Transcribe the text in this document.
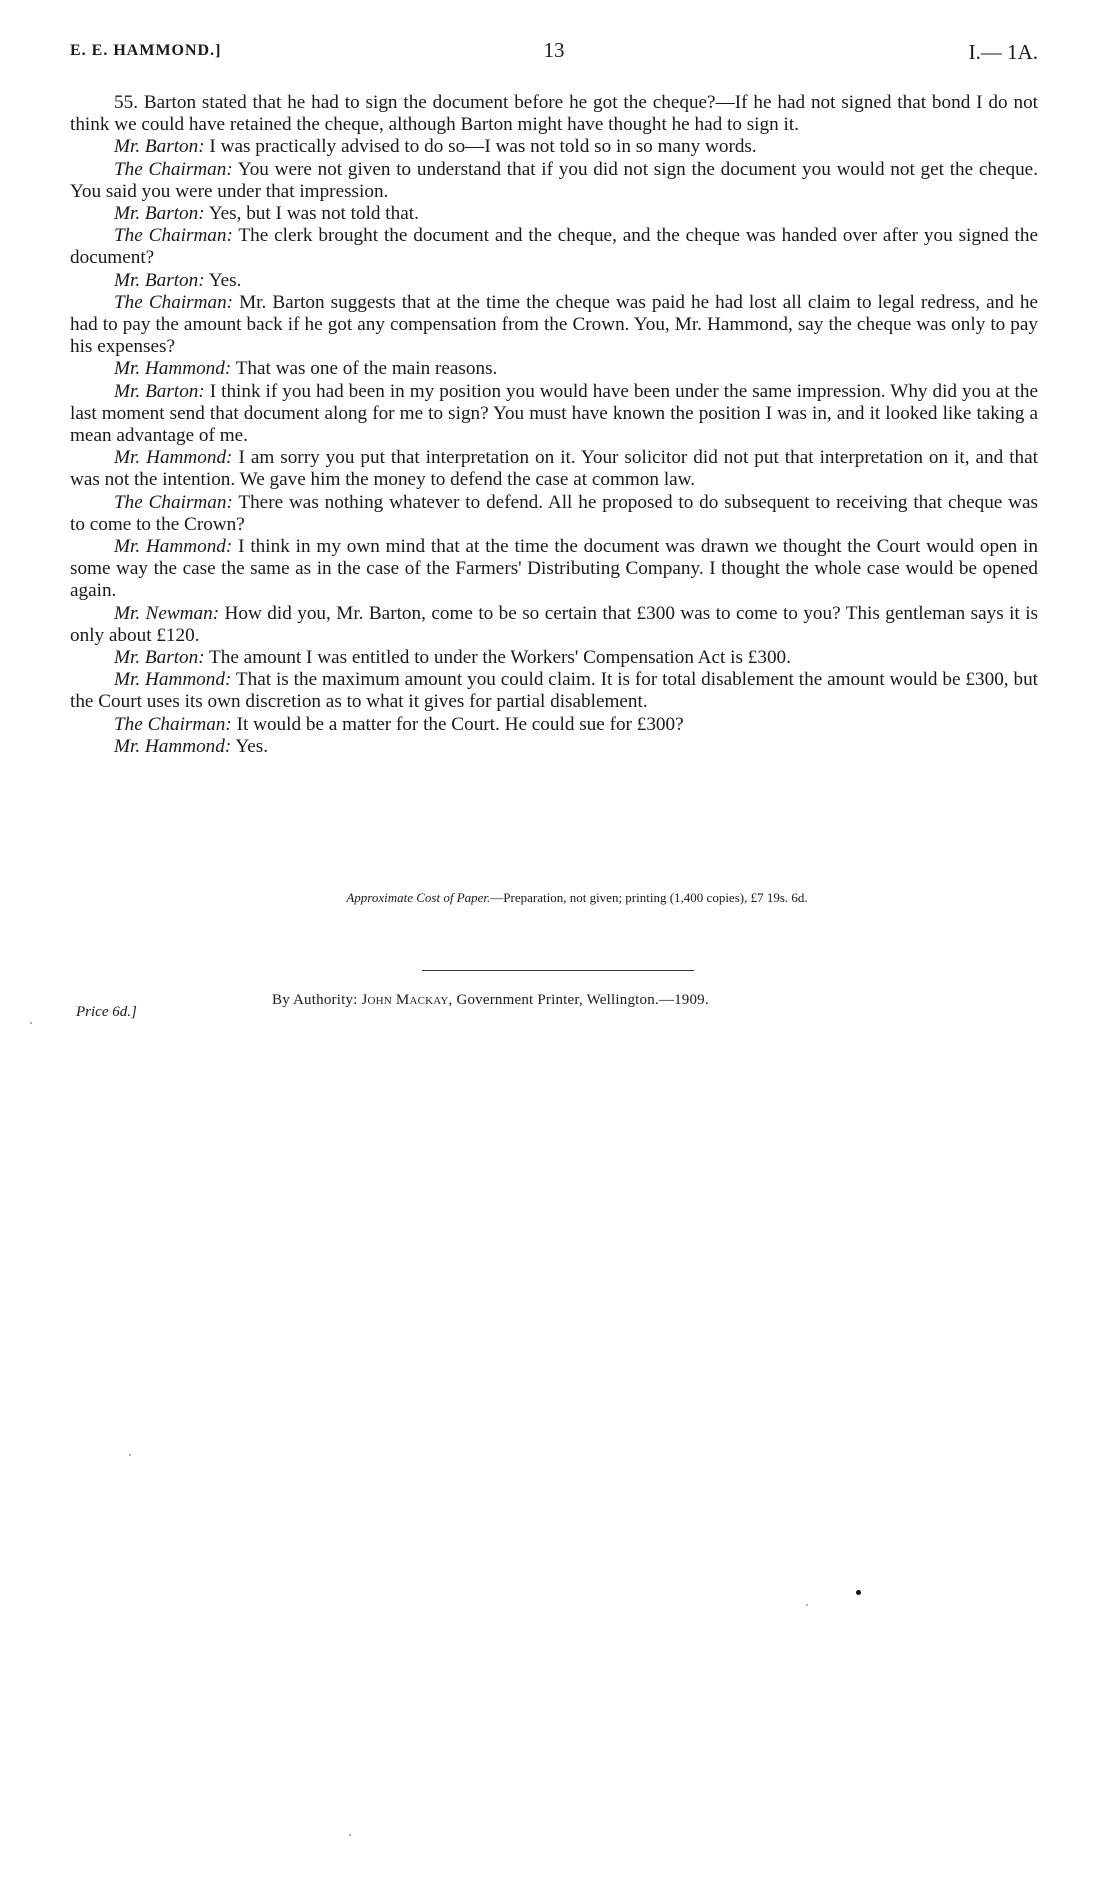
E. E. HAMMOND.]	13	I.— 1A.

55. Barton stated that he had to sign the document before he got the cheque?—If he had not signed that bond I do not think we could have retained the cheque, although Barton might have thought he had to sign it.

Mr. Barton: I was practically advised to do so—I was not told so in so many words.

The Chairman: You were not given to understand that if you did not sign the document you would not get the cheque. You said you were under that impression.

Mr. Barton: Yes, but I was not told that.

The Chairman: The clerk brought the document and the cheque, and the cheque was handed over after you signed the document?

Mr. Barton: Yes.

The Chairman: Mr. Barton suggests that at the time the cheque was paid he had lost all claim to legal redress, and he had to pay the amount back if he got any compensation from the Crown. You, Mr. Hammond, say the cheque was only to pay his expenses?

Mr. Hammond: That was one of the main reasons.

Mr. Barton: I think if you had been in my position you would have been under the same impression. Why did you at the last moment send that document along for me to sign? You must have known the position I was in, and it looked like taking a mean advantage of me.

Mr. Hammond: I am sorry you put that interpretation on it. Your solicitor did not put that interpretation on it, and that was not the intention. We gave him the money to defend the case at common law.

The Chairman: There was nothing whatever to defend. All he proposed to do subsequent to receiving that cheque was to come to the Crown?

Mr. Hammond: I think in my own mind that at the time the document was drawn we thought the Court would open in some way the case the same as in the case of the Farmers' Distributing Company. I thought the whole case would be opened again.

Mr. Newman: How did you, Mr. Barton, come to be so certain that £300 was to come to you? This gentleman says it is only about £120.

Mr. Barton: The amount I was entitled to under the Workers' Compensation Act is £300.

Mr. Hammond: That is the maximum amount you could claim. It is for total disablement the amount would be £300, but the Court uses its own discretion as to what it gives for partial disablement.

The Chairman: It would be a matter for the Court. He could sue for £300?

Mr. Hammond: Yes.

Approximate Cost of Paper.—Preparation, not given; printing (1,400 copies), £7 19s. 6d.
Price 6d.]
By Authority: John Mackay, Government Printer, Wellington.—1909.
